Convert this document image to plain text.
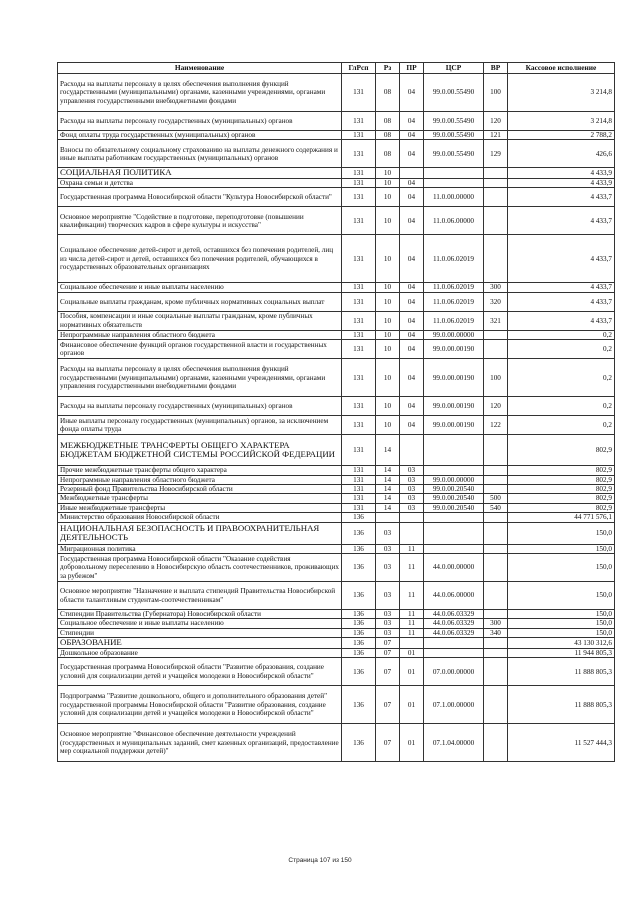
Наименование	ГлРсп	Рз	ПР	ЦСР	ВР	Кассовое исполнение
Расходы на выплаты персоналу в целях обеспечения выполнения функций государственными (муниципальными) органами, казенными учреждениями, органами управления государственными внебюджетными фондами	131	08	04	99.0.00.55490	100	3 214,8
Расходы на выплаты персоналу государственных (муниципальных) органов	131	08	04	99.0.00.55490	120	3 214,8
Фонд оплаты труда государственных (муниципальных) органов	131	08	04	99.0.00.55490	121	2 788,2
Взносы по обязательному социальному страхованию на выплаты денежного содержания и иные выплаты работникам государственных (муниципальных) органов	131	08	04	99.0.00.55490	129	426,6
СОЦИАЛЬНАЯ ПОЛИТИКА	131	10				4 433,9
Охрана семьи и детства	131	10	04			4 433,9
Государственная программа Новосибирской области "Культура Новосибирской области"	131	10	04	11.0.00.00000		4 433,7
Основное мероприятие "Содействие в подготовке, переподготовке (повышении квалификации) творческих кадров в сфере культуры и искусства"	131	10	04	11.0.06.00000		4 433,7
Социальное обеспечение детей-сирот и детей, оставшихся без попечения родителей, лиц из числа детей-сирот и детей, оставшихся без попечения родителей, обучающихся в государственных образовательных организациях	131	10	04	11.0.06.02019		4 433,7
Социальное обеспечение и иные выплаты населению	131	10	04	11.0.06.02019	300	4 433,7
Социальные выплаты гражданам, кроме публичных нормативных социальных выплат	131	10	04	11.0.06.02019	320	4 433,7
Пособия, компенсации и иные социальные выплаты гражданам, кроме публичных нормативных обязательств	131	10	04	11.0.06.02019	321	4 433,7
Непрограммные направления областного бюджета	131	10	04	99.0.00.00000		0,2
Финансовое обеспечение функций органов государственной власти и государственных органов	131	10	04	99.0.00.00190		0,2
Расходы на выплаты персоналу в целях обеспечения выполнения функций государственными (муниципальными) органами, казенными учреждениями, органами управления государственными внебюджетными фондами	131	10	04	99.0.00.00190	100	0,2
Расходы на выплаты персоналу государственных (муниципальных) органов	131	10	04	99.0.00.00190	120	0,2
Иные выплаты персоналу государственных (муниципальных) органов, за исключением фонда оплаты труда	131	10	04	99.0.00.00190	122	0,2
МЕЖБЮДЖЕТНЫЕ ТРАНСФЕРТЫ ОБЩЕГО ХАРАКТЕРА БЮДЖЕТАМ БЮДЖЕТНОЙ СИСТЕМЫ РОССИЙСКОЙ ФЕДЕРАЦИИ	131	14				802,9
Прочие межбюджетные трансферты общего характера	131	14	03			802,9
Непрограммные направления областного бюджета	131	14	03	99.0.00.00000		802,9
Резервный фонд Правительства Новосибирской области	131	14	03	99.0.00.20540		802,9
Межбюджетные трансферты	131	14	03	99.0.00.20540	500	802,9
Иные межбюджетные трансферты	131	14	03	99.0.00.20540	540	802,9
Министерство образования Новосибирской области	136					44 771 576,1
НАЦИОНАЛЬНАЯ БЕЗОПАСНОСТЬ И ПРАВООХРАНИТЕЛЬНАЯ ДЕЯТЕЛЬНОСТЬ	136	03				150,0
Миграционная политика	136	03	11			150,0
Государственная программа Новосибирской области "Оказание содействия добровольному переселению в Новосибирскую область соотечественников, проживающих за рубежом"	136	03	11	44.0.00.00000		150,0
Основное мероприятие "Назначение и выплата стипендий Правительства Новосибирской области талантливым студентам-соотечественникам"	136	03	11	44.0.06.00000		150,0
Стипендии Правительства (Губернатора) Новосибирской области	136	03	11	44.0.06.03329		150,0
Социальное обеспечение и иные выплаты населению	136	03	11	44.0.06.03329	300	150,0
Стипендии	136	03	11	44.0.06.03329	340	150,0
ОБРАЗОВАНИЕ	136	07				43 130 312,6
Дошкольное образование	136	07	01			11 944 805,3
Государственная программа Новосибирской области "Развитие образования, создание условий для социализации детей и учащейся молодежи в Новосибирской области"	136	07	01	07.0.00.00000		11 888 805,3
Подпрограмма "Развитие дошкольного, общего и дополнительного образования детей" государственной программы Новосибирской области "Развитие образования, создание условий для социализации детей и учащейся молодежи в Новосибирской области"	136	07	01	07.1.00.00000		11 888 805,3
Основное мероприятие "Финансовое обеспечение деятельности учреждений (государственных и муниципальных заданий, смет казенных организаций, предоставление мер социальной поддержки детей)"	136	07	01	07.1.04.00000		11 527 444,3
Страница 107 из 150
